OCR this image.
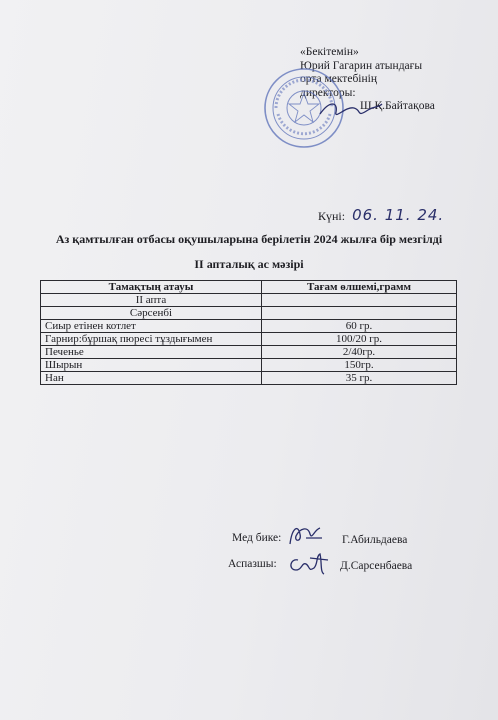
«Бекітемін»
Юрий Гагарин атындағы
орта мектебінің
директоры:
Ш.Қ.Байтақова
Күні: 06. 11. 24.
Аз қамтылған отбасы оқушыларына берілетін 2024 жылға бір мезгілді
II апталық ас мәзірі
Тамақтың атауы	Тағам өлшемі,грамм
II апта	
Сәрсенбі	
Сиыр етінен котлет	60 гр.
Гарнир:бұршақ пюресі тұздығымен	100/20 гр.
Печенье	2/40гр.
Шырын	150гр.
Нан	35 гр.
Мед бике:	Г.Абильдаева
Аспазшы:	Д.Сарсенбаева
